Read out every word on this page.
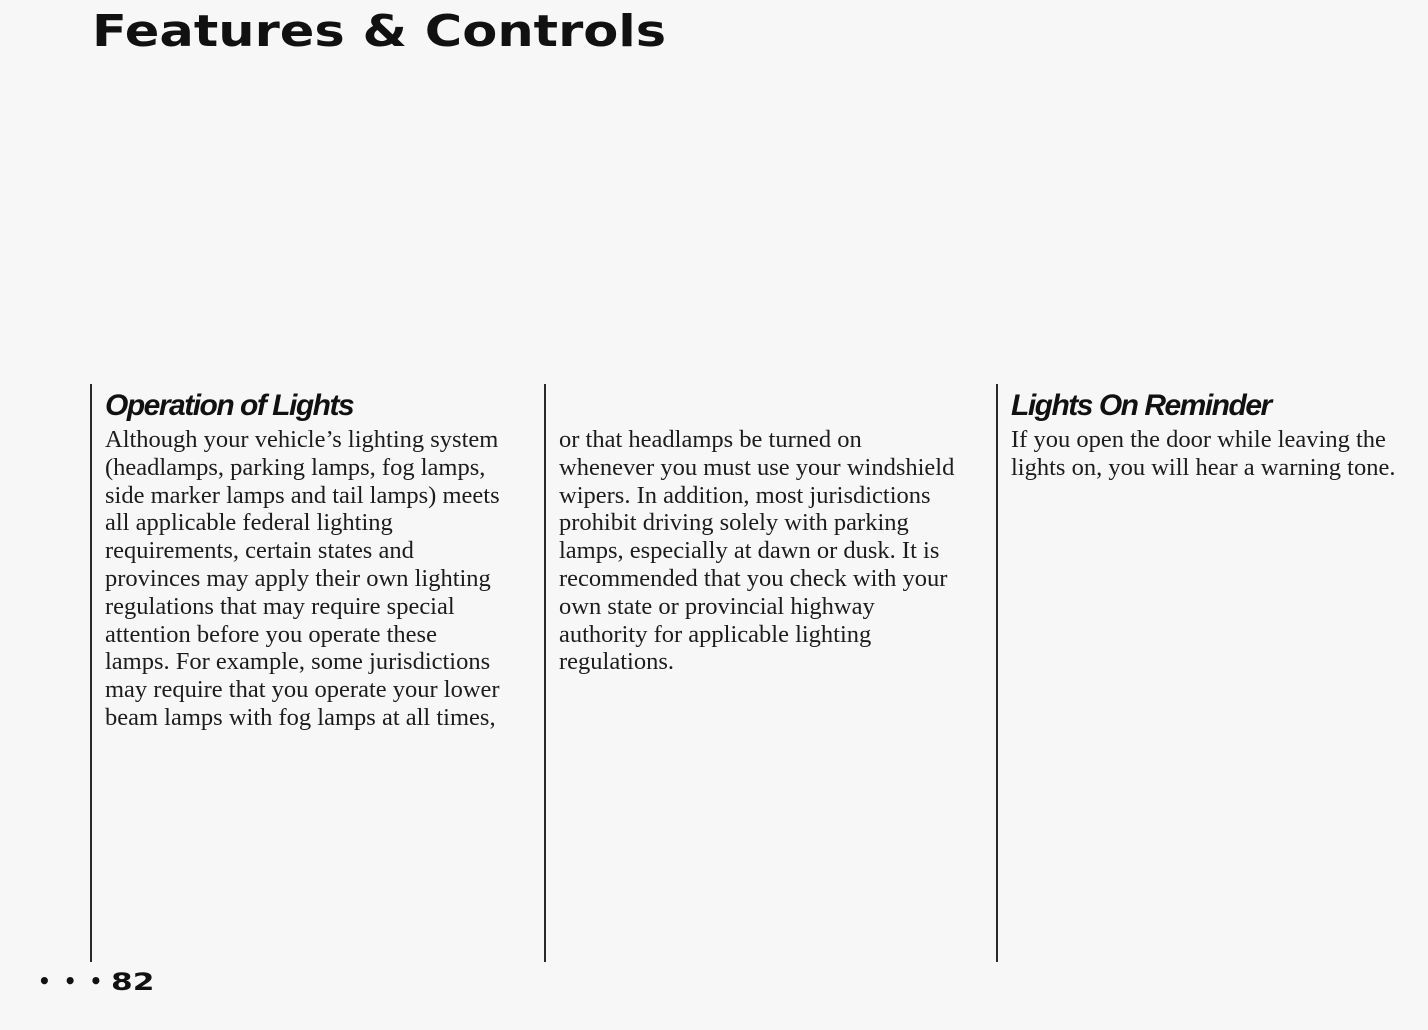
Features & Controls
Operation of Lights

Although your vehicle’s lighting system
(headlamps, parking lamps, fog lamps,
side marker lamps and tail lamps) meets
all applicable federal lighting
requirements, certain states and
provinces may apply their own lighting
regulations that may require special
attention before you operate these
lamps. For example, some jurisdictions
may require that you operate your lower
beam lamps with fog lamps at all times,

or that headlamps be turned on
whenever you must use your windshield
wipers. In addition, most jurisdictions
prohibit driving solely with parking
lamps, especially at dawn or dusk. It is
recommended that you check with your
own state or provincial highway
authority for applicable lighting
regulations.

Lights On Reminder

If you open the door while leaving the
lights on, you will hear a warning tone.

• • • 82
